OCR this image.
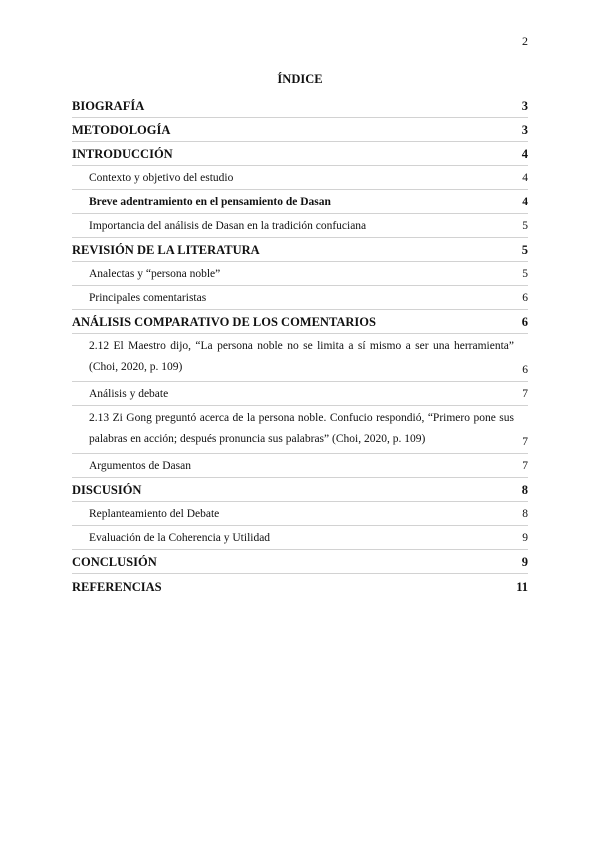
2
ÍNDICE
BIOGRAFÍA	3
METODOLOGÍA	3
INTRODUCCIÓN	4
Contexto y objetivo del estudio	4
Breve adentramiento en el pensamiento de Dasan	4
Importancia del análisis de Dasan en la tradición confuciana	5
REVISIÓN DE LA LITERATURA	5
Analectas y “persona noble”	5
Principales comentaristas	6
ANÁLISIS COMPARATIVO DE LOS COMENTARIOS	6
2.12 El Maestro dijo, “La persona noble no se limita a sí mismo a ser una herramienta” (Choi, 2020, p. 109)	6
Análisis y debate	7
2.13 Zi Gong preguntó acerca de la persona noble. Confucio respondió, “Primero pone sus palabras en acción; después pronuncia sus palabras” (Choi, 2020, p. 109)	7
Argumentos de Dasan	7
DISCUSIÓN	8
Replanteamiento del Debate	8
Evaluación de la Coherencia y Utilidad	9
CONCLUSIÓN	9
REFERENCIAS	11
